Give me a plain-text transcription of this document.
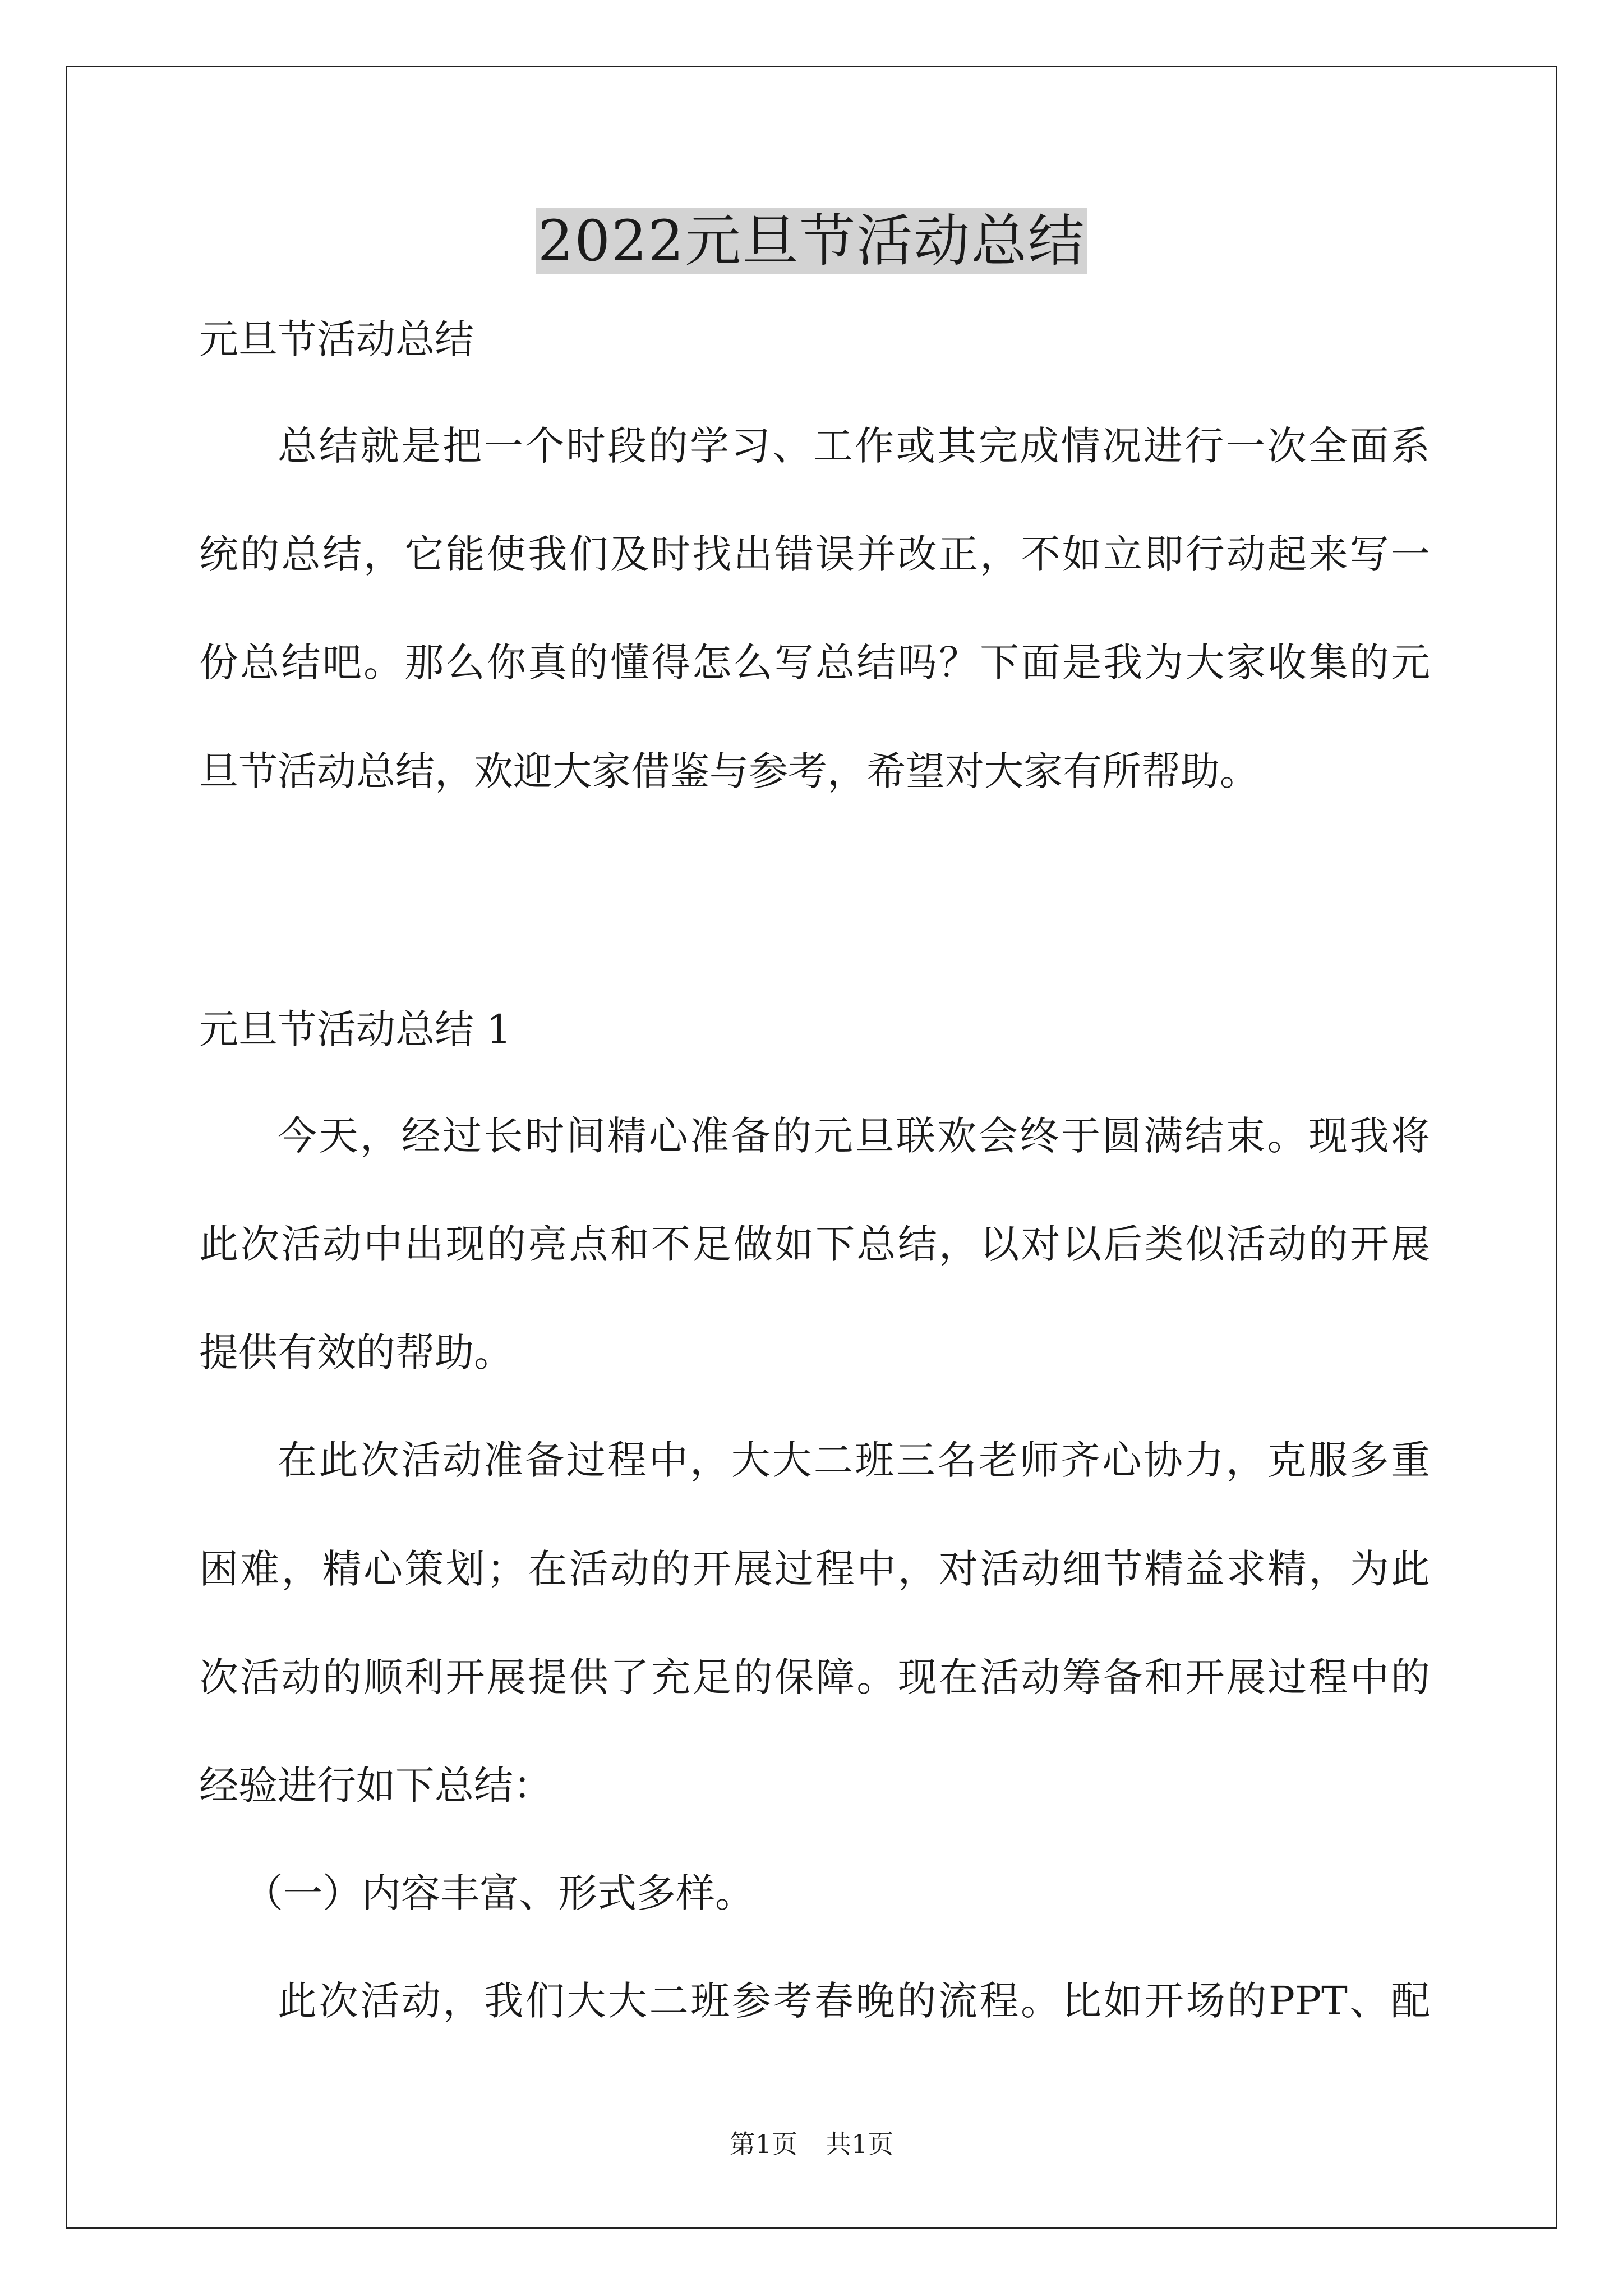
2022元旦节活动总结

元旦节活动总结

总结就是把一个时段的学习、工作或其完成情况进行一次全面系

统的总结，它能使我们及时找出错误并改正，不如立即行动起来写一

份总结吧。那么你真的懂得怎么写总结吗？下面是我为大家收集的元

旦节活动总结，欢迎大家借鉴与参考，希望对大家有所帮助。

元旦节活动总结 1

今天，经过长时间精心准备的元旦联欢会终于圆满结束。现我将

此次活动中出现的亮点和不足做如下总结，以对以后类似活动的开展

提供有效的帮助。

在此次活动准备过程中，大大二班三名老师齐心协力，克服多重

困难，精心策划；在活动的开展过程中，对活动细节精益求精，为此

次活动的顺利开展提供了充足的保障。现在活动筹备和开展过程中的

经验进行如下总结：

（一）内容丰富、形式多样。

此次活动，我们大大二班参考春晚的流程。比如开场的PPT、配

第1页 共1页
